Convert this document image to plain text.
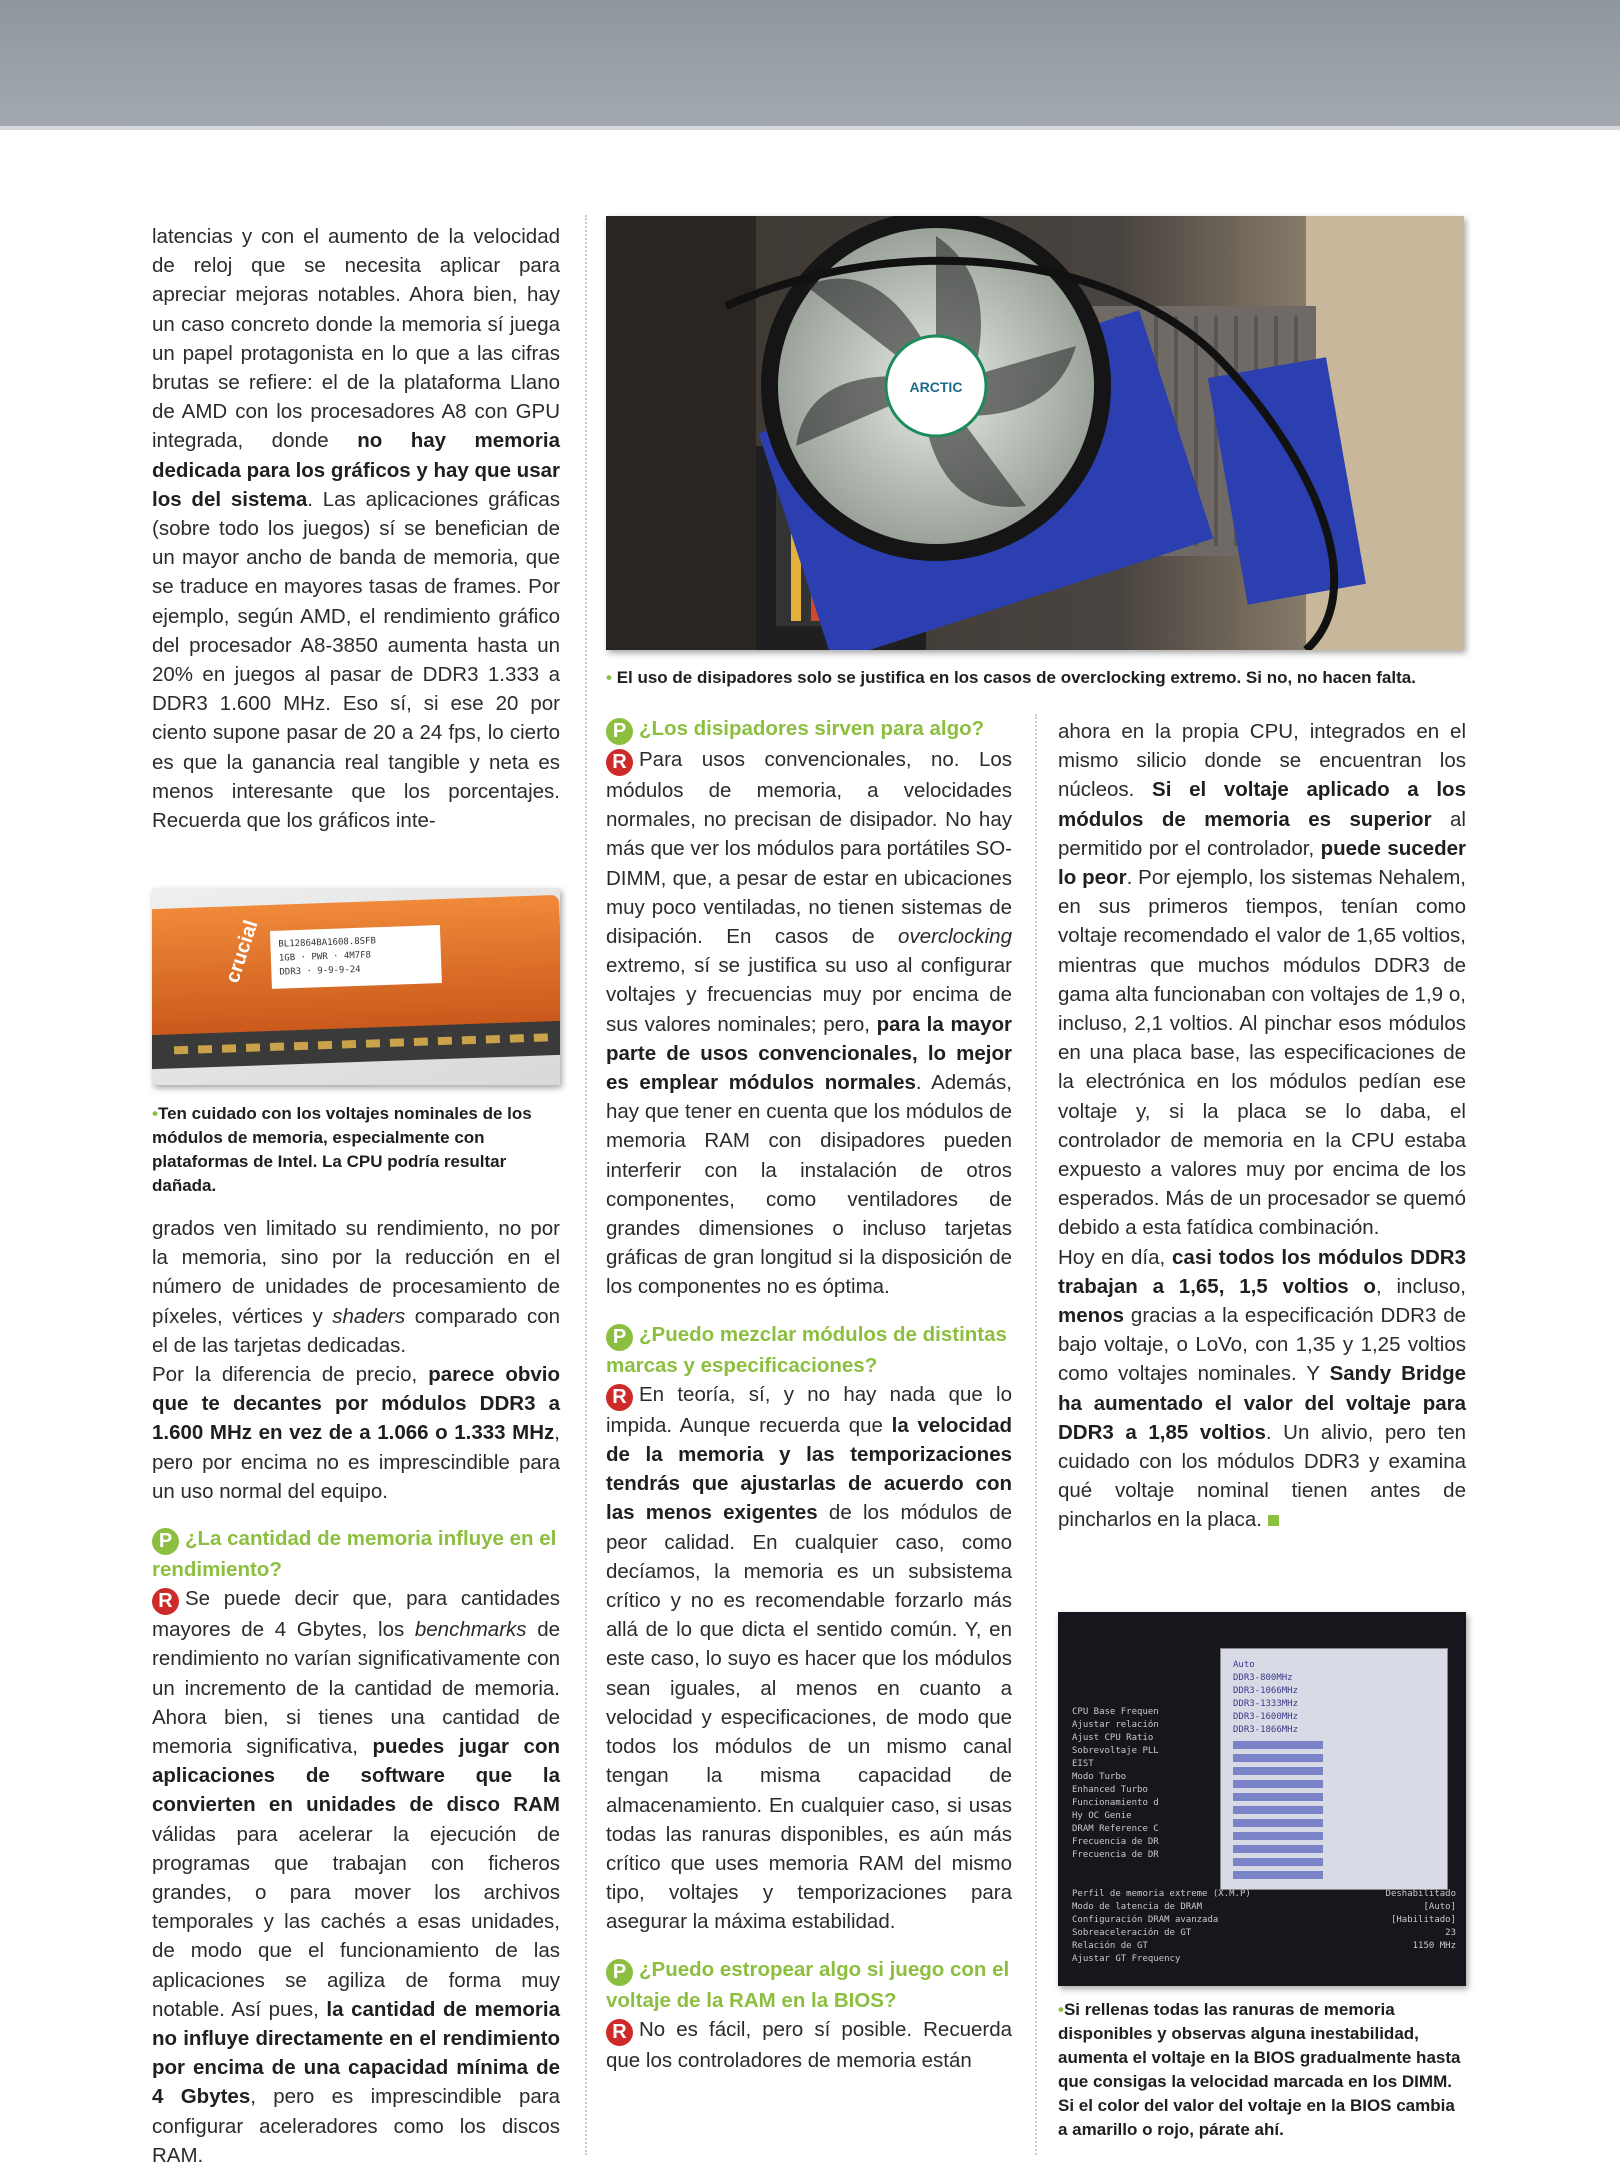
latencias y con el aumento de la velocidad de reloj que se necesita aplicar para apreciar mejoras notables. Ahora bien, hay un caso concreto donde la memoria sí juega un papel protagonista en lo que a las cifras brutas se refiere: el de la plataforma Llano de AMD con los procesadores A8 con GPU integrada, donde no hay memoria dedicada para los gráficos y hay que usar los del sistema. Las aplicaciones gráficas (sobre todo los juegos) sí se benefician de un mayor ancho de banda de memoria, que se traduce en mayores tasas de frames. Por ejemplo, según AMD, el rendimiento gráfico del procesador A8-3850 aumenta hasta un 20% en juegos al pasar de DDR3 1.333 a DDR3 1.600 MHz. Eso sí, si ese 20 por ciento supone pasar de 20 a 24 fps, lo cierto es que la ganancia real tangible y neta es menos interesante que los porcentajes. Recuerda que los gráficos inte-

BL12864BA1608.8SFB
1GB · PWR · 4M7F8
DDR3 · 9-9-9-24
crucial
•Ten cuidado con los voltajes nominales de los módulos de memoria, especialmente con plataformas de Intel. La CPU podría resultar dañada.

grados ven limitado su rendimiento, no por la memoria, sino por la reducción en el número de unidades de procesamiento de píxeles, vértices y shaders comparado con el de las tarjetas dedicadas.

Por la diferencia de precio, parece obvio que te decantes por módulos DDR3 a 1.600 MHz en vez de a 1.066 o 1.333 MHz, pero por encima no es imprescindible para un uso normal del equipo.

P ¿La cantidad de memoria influye en el rendimiento?

R Se puede decir que, para cantidades mayores de 4 Gbytes, los benchmarks de rendimiento no varían significativamente con un incremento de la cantidad de memoria. Ahora bien, si tienes una cantidad de memoria significativa, puedes jugar con aplicaciones de software que la convierten en unidades de disco RAM válidas para acelerar la ejecución de programas que trabajan con ficheros grandes, o para mover los archivos temporales y las cachés a esas unidades, de modo que el funcionamiento de las aplicaciones se agiliza de forma muy notable. Así pues, la cantidad de memoria no influye directamente en el rendimiento por encima de una capacidad mínima de 4 Gbytes, pero es imprescindible para configurar aceleradores como los discos RAM.

ARCTIC
• El uso de disipadores solo se justifica en los casos de overclocking extremo. Si no, no hacen falta.
P ¿Los disipadores sirven para algo?

R Para usos convencionales, no. Los módulos de memoria, a velocidades normales, no precisan de disipador. No hay más que ver los módulos para portátiles SO-DIMM, que, a pesar de estar en ubicaciones muy poco ventiladas, no tienen sistemas de disipación. En casos de overclocking extremo, sí se justifica su uso al configurar voltajes y frecuencias muy por encima de sus valores nominales; pero, para la mayor parte de usos convencionales, lo mejor es emplear módulos normales. Además, hay que tener en cuenta que los módulos de memoria RAM con disipadores pueden interferir con la instalación de otros componentes, como ventiladores de grandes dimensiones o incluso tarjetas gráficas de gran longitud si la disposición de los componentes no es óptima.

P ¿Puedo mezclar módulos de distintas marcas y especificaciones?

R En teoría, sí, y no hay nada que lo impida. Aunque recuerda que la velocidad de la memoria y las temporizaciones tendrás que ajustarlas de acuerdo con las menos exigentes de los módulos de peor calidad. En cualquier caso, como decíamos, la memoria es un subsistema crítico y no es recomendable forzarlo más allá de lo que dicta el sentido común. Y, en este caso, lo suyo es hacer que los módulos sean iguales, al menos en cuanto a velocidad y especificaciones, de modo que todos los módulos de un mismo canal tengan la misma capacidad de almacenamiento. En cualquier caso, si usas todas las ranuras disponibles, es aún más crítico que uses memoria RAM del mismo tipo, voltajes y temporizaciones para asegurar la máxima estabilidad.

P ¿Puedo estropear algo si juego con el voltaje de la RAM en la BIOS?

R No es fácil, pero sí posible. Recuerda que los controladores de memoria están

ahora en la propia CPU, integrados en el mismo silicio donde se encuentran los núcleos. Si el voltaje aplicado a los módulos de memoria es superior al permitido por el controlador, puede suceder lo peor. Por ejemplo, los sistemas Nehalem, en sus primeros tiempos, tenían como voltaje recomendado el valor de 1,65 voltios, mientras que muchos módulos DDR3 de gama alta funcionaban con voltajes de 1,9 o, incluso, 2,1 voltios. Al pinchar esos módulos en una placa base, las especificaciones de la electrónica en los módulos pedían ese voltaje y, si la placa se lo daba, el controlador de memoria en la CPU estaba expuesto a valores muy por encima de los esperados. Más de un procesador se quemó debido a esta fatídica combinación.

Hoy en día, casi todos los módulos DDR3 trabajan a 1,65, 1,5 voltios o, incluso, menos gracias a la especificación DDR3 de bajo voltaje, o LoVo, con 1,35 y 1,25 voltios como voltajes nominales. Y Sandy Bridge ha aumentado el valor del voltaje para DDR3 a 1,85 voltios. Un alivio, pero ten cuidado con los módulos DDR3 y examina qué voltaje nominal tienen antes de pincharlos en la placa.

CPU Base Frequen
Ajustar relación
Ajust CPU Ratio
Sobrevoltaje PLL
EIST
Modo Turbo
Enhanced Turbo
Funcionamiento d
Hy OC Genie
DRAM Reference C
Frecuencia de DR
Frecuencia de DR
Auto
DDR3-800MHz
DDR3-1066MHz
DDR3-1333MHz
DDR3-1600MHz
DDR3-1866MHz
Perfil de memoria extreme (X.M.P)
Modo de latencia de DRAM
Configuración DRAM avanzada
Sobreaceleración de GT
Relación de GT
Ajustar GT Frequency
Deshabilitado
[Auto]
[Habilitado]
23
1150 MHz
•Si rellenas todas las ranuras de memoria disponibles y observas alguna inestabilidad, aumenta el voltaje en la BIOS gradualmente hasta que consigas la velocidad marcada en los DIMM. Si el color del valor del voltaje en la BIOS cambia a amarillo o rojo, párate ahí.
